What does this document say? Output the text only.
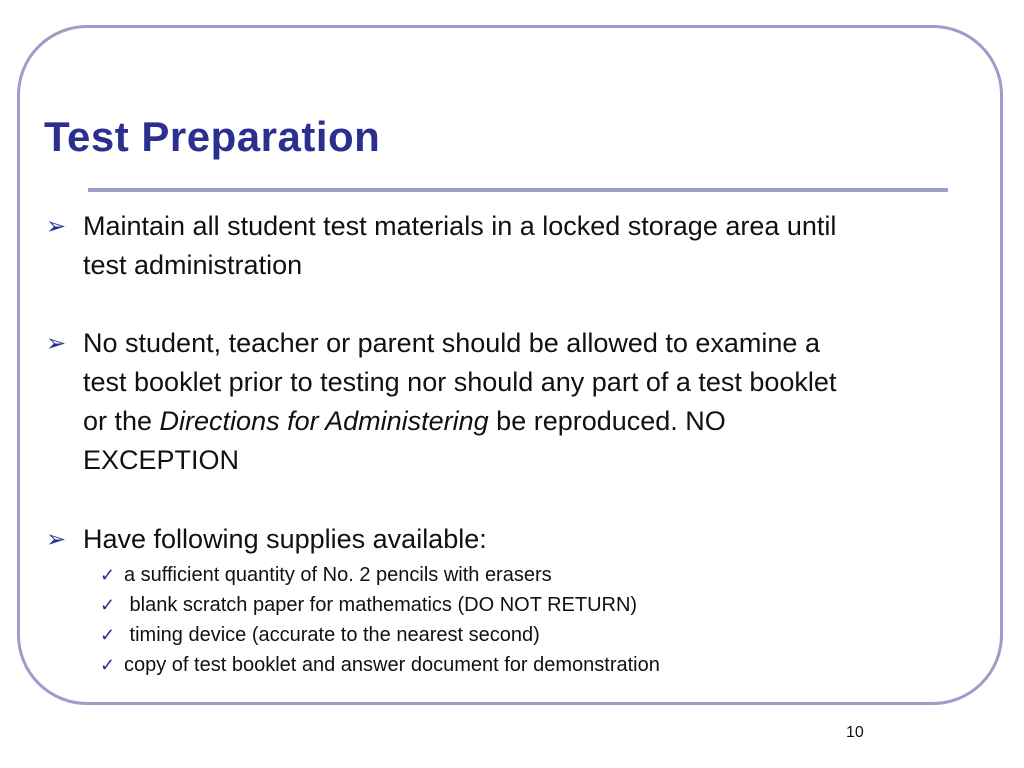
Test Preparation
➢ Maintain all student test materials in a locked storage area until test administration
➢ No student, teacher or parent should be allowed to examine a test booklet prior to testing nor should any part of a test booklet or the Directions for Administering be reproduced. NO EXCEPTION
➢ Have following supplies available:
✓ a sufficient quantity of No. 2 pencils with erasers
✓ blank scratch paper for mathematics (DO NOT RETURN)
✓ timing device (accurate to the nearest second)
✓ copy of test booklet and answer document for demonstration
10
